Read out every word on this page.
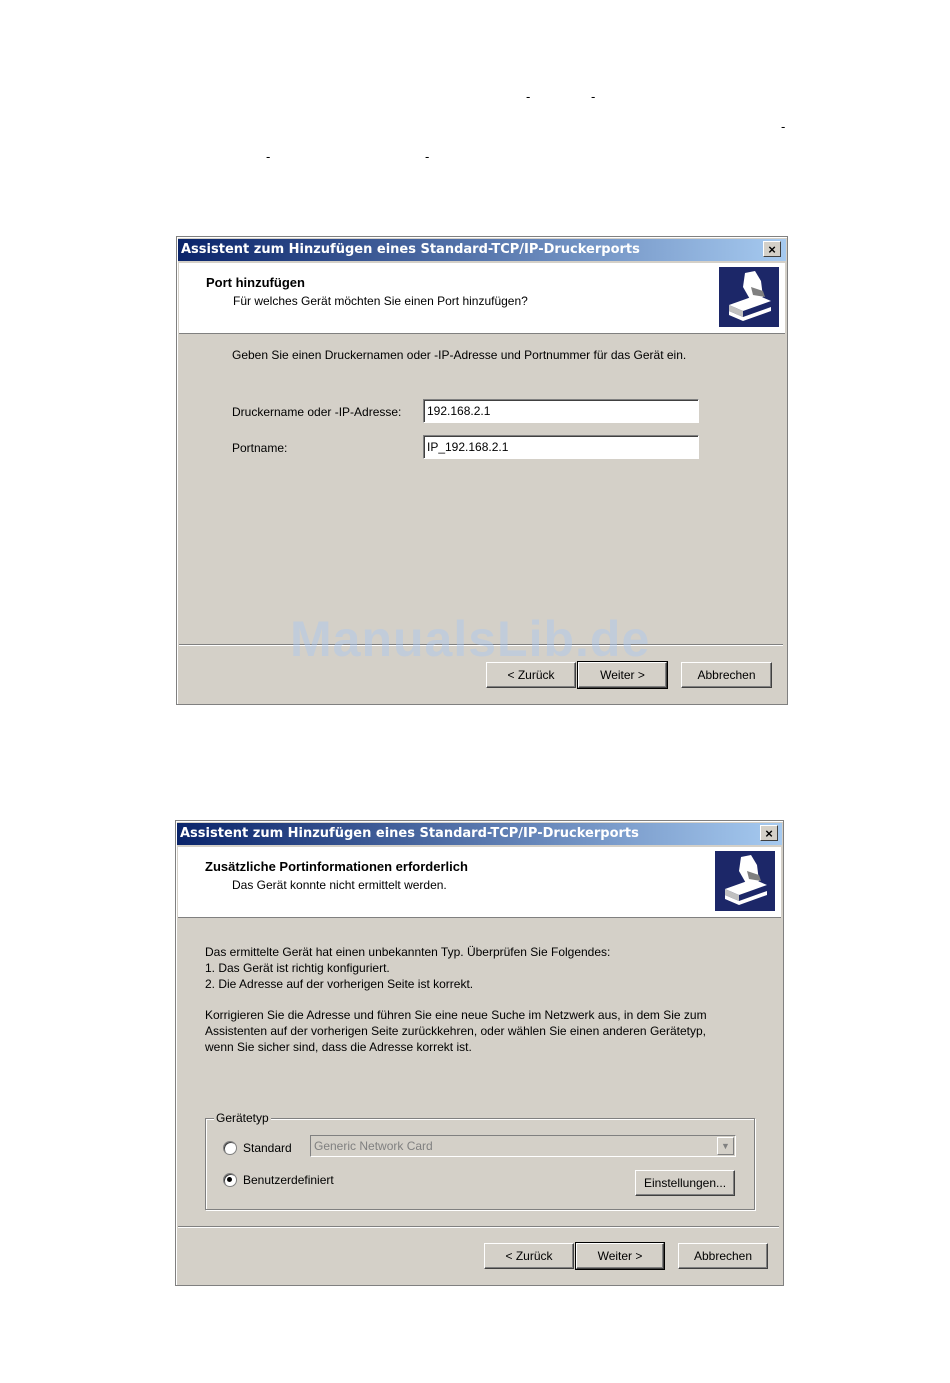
-	-
-
-	-
Assistent zum Hinzufügen eines Standard-TCP/IP-Druckerports	×
Port hinzufügen
Für welches Gerät möchten Sie einen Port hinzufügen?
Geben Sie einen Druckernamen oder -IP-Adresse und Portnummer für das Gerät ein.
Druckername oder -IP-Adresse:	192.168.2.1
Portname:	IP_192.168.2.1
< Zurück	Weiter >	Abbrechen
ManualsLib.de
Assistent zum Hinzufügen eines Standard-TCP/IP-Druckerports	×
Zusätzliche Portinformationen erforderlich
Das Gerät konnte nicht ermittelt werden.
Das ermittelte Gerät hat einen unbekannten Typ. Überprüfen Sie Folgendes:
1. Das Gerät ist richtig konfiguriert.
2. Die Adresse auf der vorherigen Seite ist korrekt.
Korrigieren Sie die Adresse und führen Sie eine neue Suche im Netzwerk aus, in dem Sie zum
Assistenten auf der vorherigen Seite zurückkehren, oder wählen Sie einen anderen Gerätetyp,
wenn Sie sicher sind, dass die Adresse korrekt ist.
Gerätetyp
Standard	Generic Network Card	▼
Benutzerdefiniert	Einstellungen...
< Zurück	Weiter >	Abbrechen
